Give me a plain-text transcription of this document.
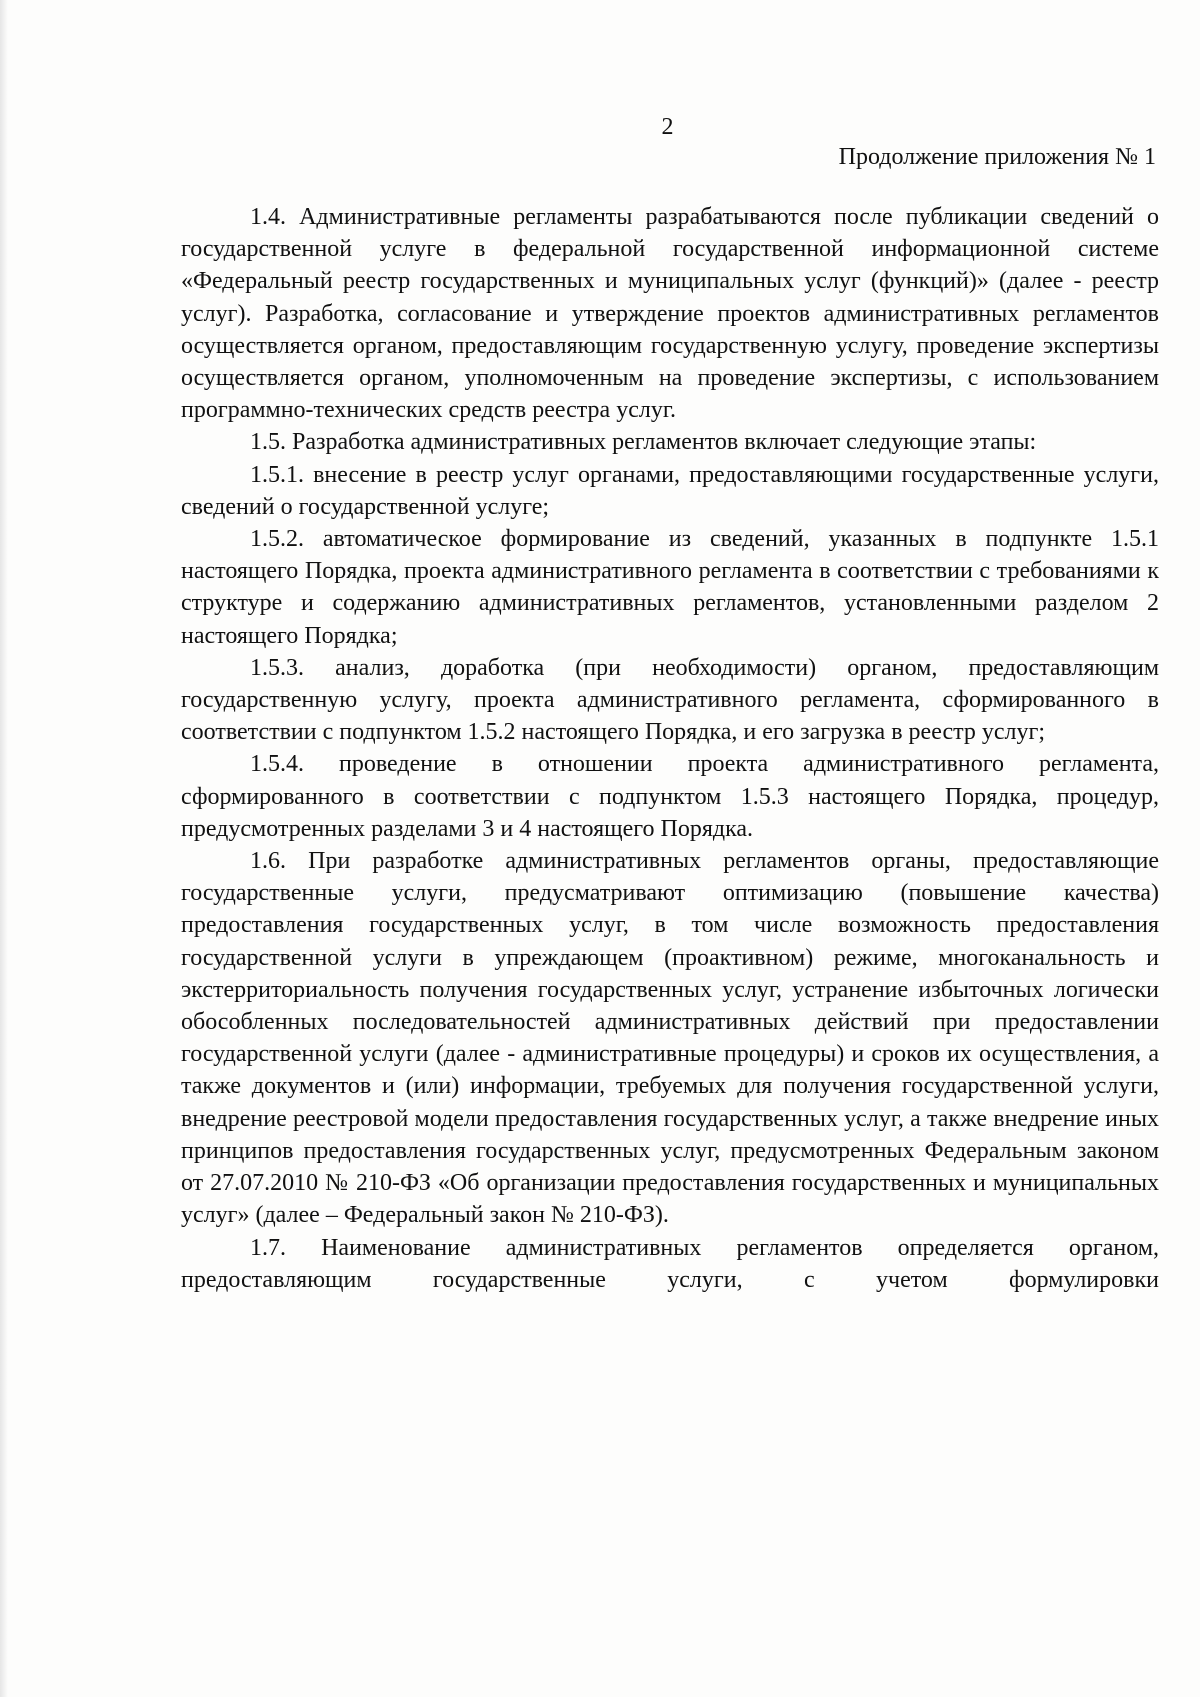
2
Продолжение приложения № 1

1.4. Административные регламенты разрабатываются после публикации сведений о государственной услуге в федеральной государственной информационной системе «Федеральный реестр государственных и муниципальных услуг (функций)» (далее - реестр услуг). Разработка, согласование и утверждение проектов административных регламентов осуществляется органом, предоставляющим государственную услугу, проведение экспертизы осуществляется органом, уполномоченным на проведение экспертизы, с использованием программно-технических средств реестра услуг.

1.5. Разработка административных регламентов включает следующие этапы:

1.5.1. внесение в реестр услуг органами, предоставляющими государственные услуги, сведений о государственной услуге;

1.5.2. автоматическое формирование из сведений, указанных в подпункте 1.5.1 настоящего Порядка, проекта административного регламента в соответствии с требованиями к структуре и содержанию административных регламентов, установленными разделом 2 настоящего Порядка;

1.5.3. анализ, доработка (при необходимости) органом, предоставляющим государственную услугу, проекта административного регламента, сформированного в соответствии с подпунктом 1.5.2 настоящего Порядка, и его загрузка в реестр услуг;

1.5.4. проведение в отношении проекта административного регламента, сформированного в соответствии с подпунктом 1.5.3 настоящего Порядка, процедур, предусмотренных разделами 3 и 4 настоящего Порядка.

1.6. При разработке административных регламентов органы, предоставляющие государственные услуги, предусматривают оптимизацию (повышение качества) предоставления государственных услуг, в том числе возможность предоставления государственной услуги в упреждающем (проактивном) режиме, многоканальность и экстерриториальность получения государственных услуг, устранение избыточных логически обособленных последовательностей административных действий при предоставлении государственной услуги (далее - административные процедуры) и сроков их осуществления, а также документов и (или) информации, требуемых для получения государственной услуги, внедрение реестровой модели предоставления государственных услуг, а также внедрение иных принципов предоставления государственных услуг, предусмотренных Федеральным законом от 27.07.2010 № 210-ФЗ «Об организации предоставления государственных и муниципальных услуг» (далее – Федеральный закон № 210-ФЗ).

1.7. Наименование административных регламентов определяется органом, предоставляющим государственные услуги, с учетом формулировки
